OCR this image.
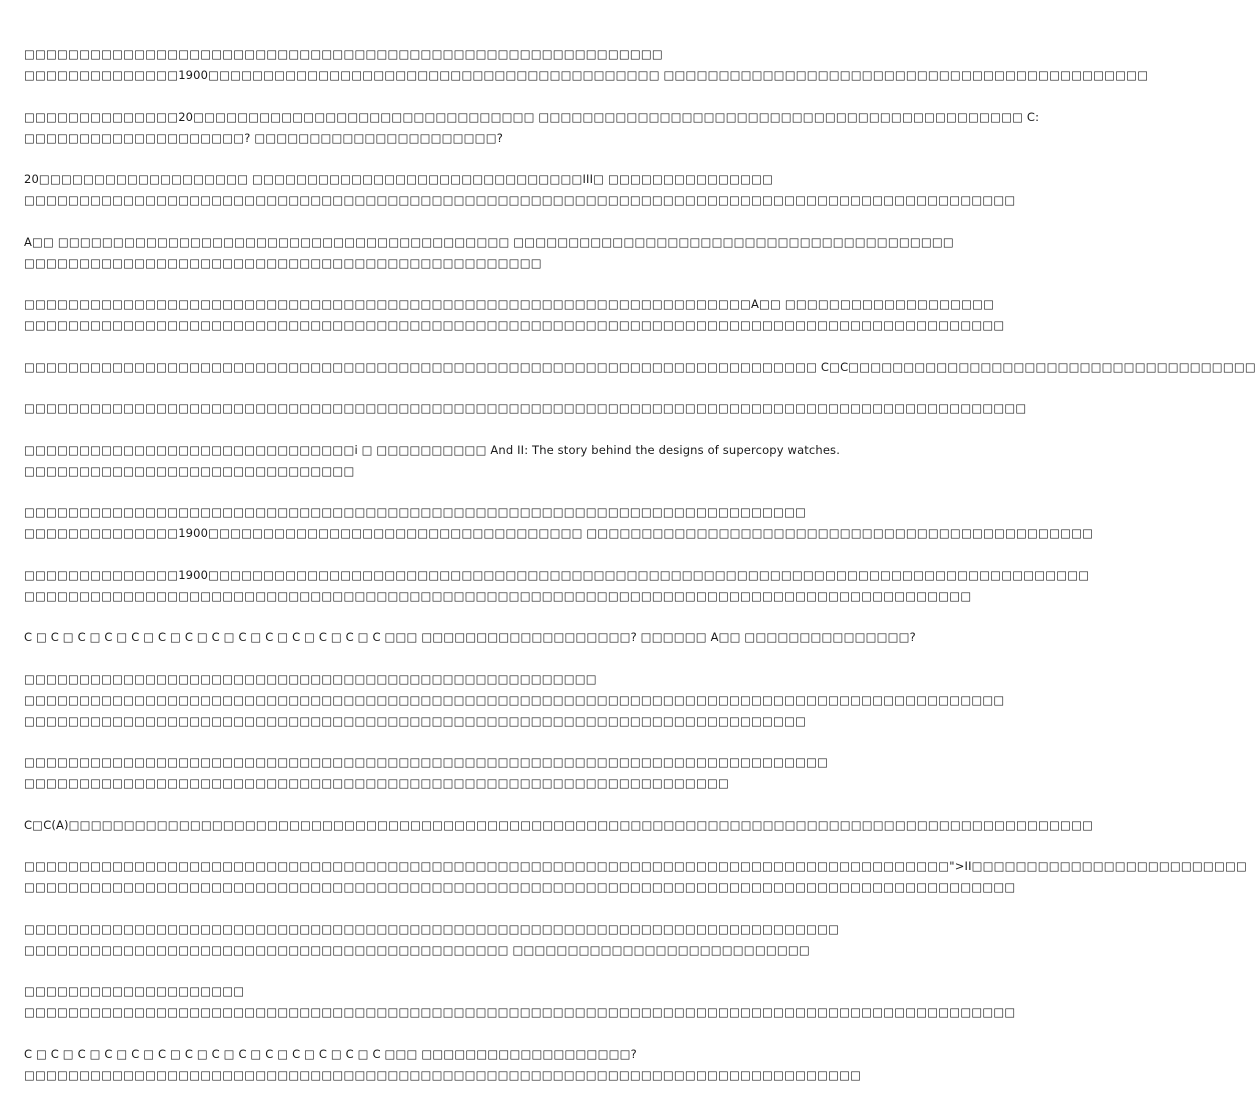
□□□□□□□□□□□□□□□□□□□□□□□□□□□□□□□□□□□□□□□□□□□□□□□□□□□□□□□□□□
□□□□□□□□□□□□□□1900□□□□□□□□□□□□□□□□□□□□□□□□□□□□□□□□□□□□□□□□□ □□□□□□□□□□□□□□□□□□□□□□□□□□□□□□□□□□□□□□□□□□□□
□□□□□□□□□□□□□□20□□□□□□□□□□□□□□□□□□□□□□□□□□□□□□□ □□□□□□□□□□□□□□□□□□□□□□□□□□□□□□□□□□□□□□□□□□□□ C:
□□□□□□□□□□□□□□□□□□□□? □□□□□□□□□□□□□□□□□□□□□□?
20□□□□□□□□□□□□□□□□□□□ □□□□□□□□□□□□□□□□□□□□□□□□□□□□□□III□ □□□□□□□□□□□□□□□
□□□□□□□□□□□□□□□□□□□□□□□□□□□□□□□□□□□□□□□□□□□□□□□□□□□□□□□□□□□□□□□□□□□□□□□□□□□□□□□□□□□□□□□□□□
A□□ □□□□□□□□□□□□□□□□□□□□□□□□□□□□□□□□□□□□□□□□□ □□□□□□□□□□□□□□□□□□□□□□□□□□□□□□□□□□□□□□□□
□□□□□□□□□□□□□□□□□□□□□□□□□□□□□□□□□□□□□□□□□□□□□□□
□□□□□□□□□□□□□□□□□□□□□□□□□□□□□□□□□□□□□□□□□□□□□□□□□□□□□□□□□□□□□□□□□□A□□ □□□□□□□□□□□□□□□□□□□
□□□□□□□□□□□□□□□□□□□□□□□□□□□□□□□□□□□□□□□□□□□□□□□□□□□□□□□□□□□□□□□□□□□□□□□□□□□□□□□□□□□□□□□□□
□□□□□□□□□□□□□□□□□□□□□□□□□□□□□□□□□□□□□□□□□□□□□□□□□□□□□□□□□□□□□□□□□□□□□□□□ C□C□□□□□□□□□□□□□□□□□□□□□□□□□□□□□□□□□□□□□
□□□□□□□□□□□□□□□□□□□□□□□□□□□□□□□□□□□□□□□□□□□□□□□□□□□□□□□□□□□□□□□□□□□□□□□□□□□□□□□□□□□□□□□□□□□
□□□□□□□□□□□□□□□□□□□□□□□□□□□□□□i □ □□□□□□□□□□ And II: The story behind the designs of supercopy watches.
□□□□□□□□□□□□□□□□□□□□□□□□□□□□□□
□□□□□□□□□□□□□□□□□□□□□□□□□□□□□□□□□□□□□□□□□□□□□□□□□□□□□□□□□□□□□□□□□□□□□□□
□□□□□□□□□□□□□□1900□□□□□□□□□□□□□□□□□□□□□□□□□□□□□□□□□□ □□□□□□□□□□□□□□□□□□□□□□□□□□□□□□□□□□□□□□□□□□□□□□
□□□□□□□□□□□□□□1900□□□□□□□□□□□□□□□□□□□□□□□□□□□□□□□□□□□□□□□□□□□□□□□□□□□□□□□□□□□□□□□□□□□□□□□□□□□□□□□□
□□□□□□□□□□□□□□□□□□□□□□□□□□□□□□□□□□□□□□□□□□□□□□□□□□□□□□□□□□□□□□□□□□□□□□□□□□□□□□□□□□□□□□
C □ C □ C □ C □ C □ C □ C □ C □ C □ C □ C □ C □ C □ C □□□ □□□□□□□□□□□□□□□□□□□? □□□□□□ A□□ □□□□□□□□□□□□□□□?
□□□□□□□□□□□□□□□□□□□□□□□□□□□□□□□□□□□□□□□□□□□□□□□□□□□□
□□□□□□□□□□□□□□□□□□□□□□□□□□□□□□□□□□□□□□□□□□□□□□□□□□□□□□□□□□□□□□□□□□□□□□□□□□□□□□□□□□□□□□□□□
□□□□□□□□□□□□□□□□□□□□□□□□□□□□□□□□□□□□□□□□□□□□□□□□□□□□□□□□□□□□□□□□□□□□□□□
□□□□□□□□□□□□□□□□□□□□□□□□□□□□□□□□□□□□□□□□□□□□□□□□□□□□□□□□□□□□□□□□□□□□□□□□□
□□□□□□□□□□□□□□□□□□□□□□□□□□□□□□□□□□□□□□□□□□□□□□□□□□□□□□□□□□□□□□□□
C□C(A)□□□□□□□□□□□□□□□□□□□□□□□□□□□□□□□□□□□□□□□□□□□□□□□□□□□□□□□□□□□□□□□□□□□□□□□□□□□□□□□□□□□□□□□□□□□□□
□□□□□□□□□□□□□□□□□□□□□□□□□□□□□□□□□□□□□□□□□□□□□□□□□□□□□□□□□□□□□□□□□□□□□□□□□□□□□□□□□□□□">II□□□□□□□□□□□□□□□□□□□□□□□□□
□□□□□□□□□□□□□□□□□□□□□□□□□□□□□□□□□□□□□□□□□□□□□□□□□□□□□□□□□□□□□□□□□□□□□□□□□□□□□□□□□□□□□□□□□□
□□□□□□□□□□□□□□□□□□□□□□□□□□□□□□□□□□□□□□□□□□□□□□□□□□□□□□□□□□□□□□□□□□□□□□□□□□
□□□□□□□□□□□□□□□□□□□□□□□□□□□□□□□□□□□□□□□□□□□□ □□□□□□□□□□□□□□□□□□□□□□□□□□□
□□□□□□□□□□□□□□□□□□□□
□□□□□□□□□□□□□□□□□□□□□□□□□□□□□□□□□□□□□□□□□□□□□□□□□□□□□□□□□□□□□□□□□□□□□□□□□□□□□□□□□□□□□□□□□□
C □ C □ C □ C □ C □ C □ C □ C □ C □ C □ C □ C □ C □ C □□□ □□□□□□□□□□□□□□□□□□□?
□□□□□□□□□□□□□□□□□□□□□□□□□□□□□□□□□□□□□□□□□□□□□□□□□□□□□□□□□□□□□□□□□□□□□□□□□□□□
